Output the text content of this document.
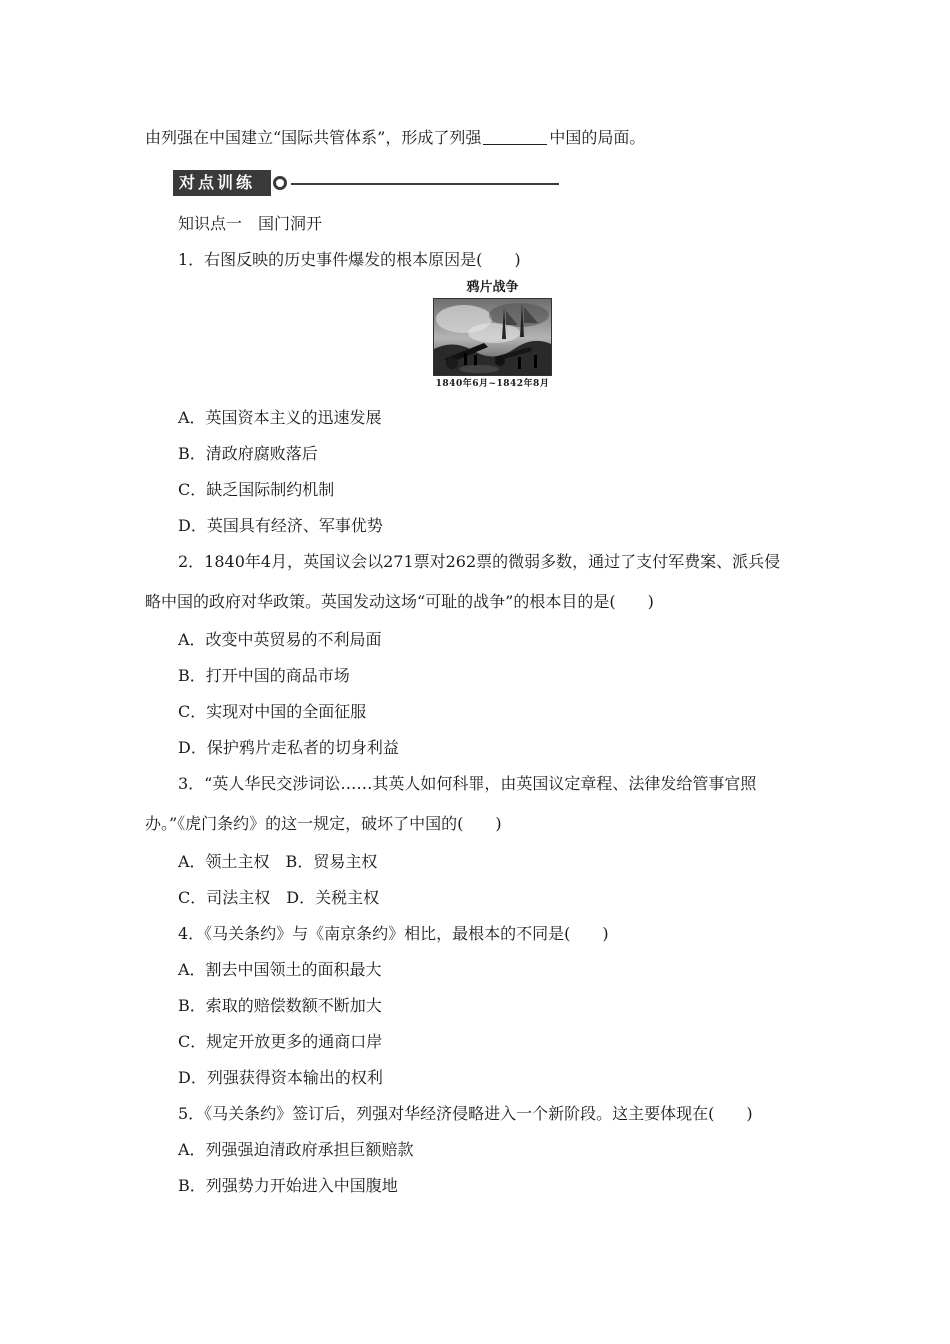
由列强在中国建立“国际共管体系”，形成了列强	中国的局面。
对点训练
知识点一　国门洞开
鸦片战争
1840年6月~1842年8月
1．右图反映的历史事件爆发的根本原因是(　　)
A．英国资本主义的迅速发展
B．清政府腐败落后
C．缺乏国际制约机制
D．英国具有经济、军事优势
2．1840年4月，英国议会以271票对262票的微弱多数，通过了支付军费案、派兵侵
略中国的政府对华政策。英国发动这场“可耻的战争”的根本目的是(　　)
A．改变中英贸易的不利局面
B．打开中国的商品市场
C．实现对中国的全面征服
D．保护鸦片走私者的切身利益
3．“英人华民交涉词讼……其英人如何科罪，由英国议定章程、法律发给管事官照
办。”《虎门条约》的这一规定，破坏了中国的(　　)
A．领土主权　B．贸易主权
C．司法主权　D．关税主权
4．《马关条约》与《南京条约》相比，最根本的不同是(　　)
A．割去中国领土的面积最大
B．索取的赔偿数额不断加大
C．规定开放更多的通商口岸
D．列强获得资本输出的权利
5．《马关条约》签订后，列强对华经济侵略进入一个新阶段。这主要体现在(　　)
A．列强强迫清政府承担巨额赔款
B．列强势力开始进入中国腹地
